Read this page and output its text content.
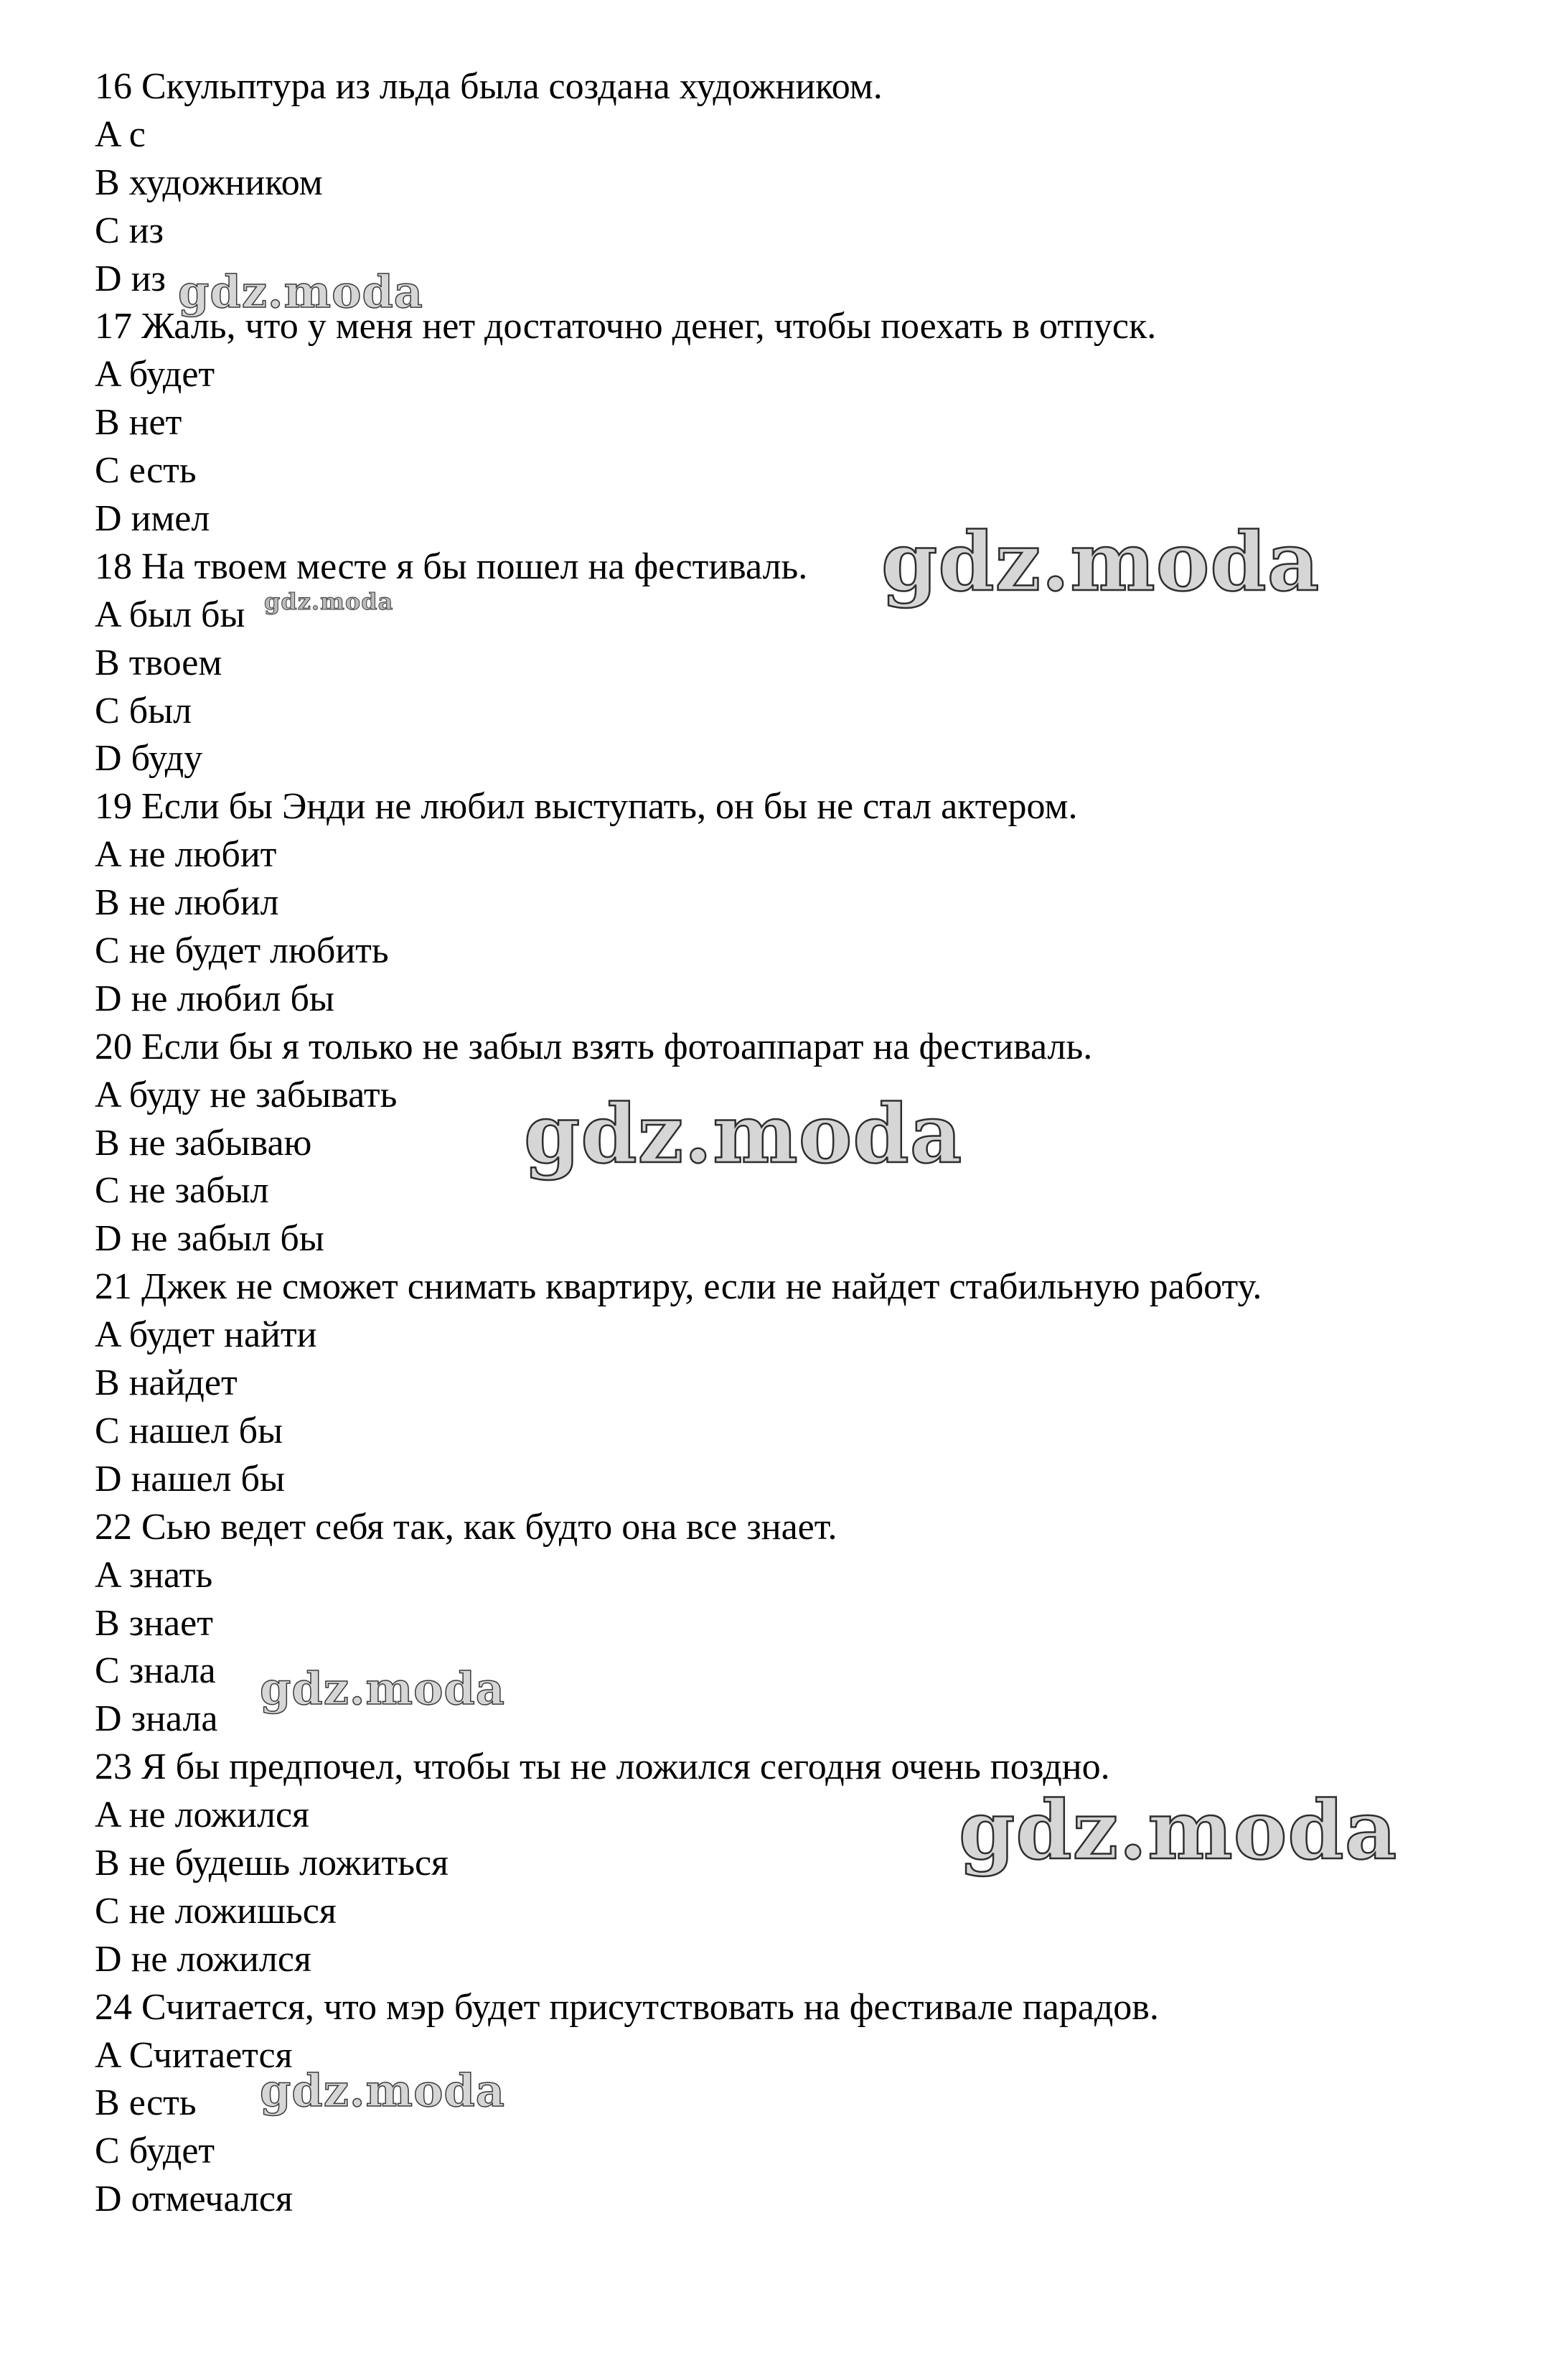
16 Скульптура из льда была создана художником.
A с
B художником
C из
D из
17 Жаль, что у меня нет достаточно денег, чтобы поехать в отпуск.
A будет
B нет
C есть
D имел
18 На твоем месте я бы пошел на фестиваль.
A был бы
B твоем
C был
D буду
19 Если бы Энди не любил выступать, он бы не стал актером.
A не любит
B не любил
C не будет любить
D не любил бы
20 Если бы я только не забыл взять фотоаппарат на фестиваль.
A буду не забывать
B не забываю
C не забыл
D не забыл бы
21 Джек не сможет снимать квартиру, если не найдет стабильную работу.
A будет найти
B найдет
C нашел бы
D нашел бы
22 Сью ведет себя так, как будто она все знает.
A знать
B знает
C знала
D знала
23 Я бы предпочел, чтобы ты не ложился сегодня очень поздно.
A не ложился
B не будешь ложиться
C не ложишься
D не ложился
24 Считается, что мэр будет присутствовать на фестивале парадов.
A Считается
B есть
C будет
D отмечался
gdz.moda
gdz.moda
gdz.moda
gdz.moda
gdz.moda
gdz.moda
gdz.moda
